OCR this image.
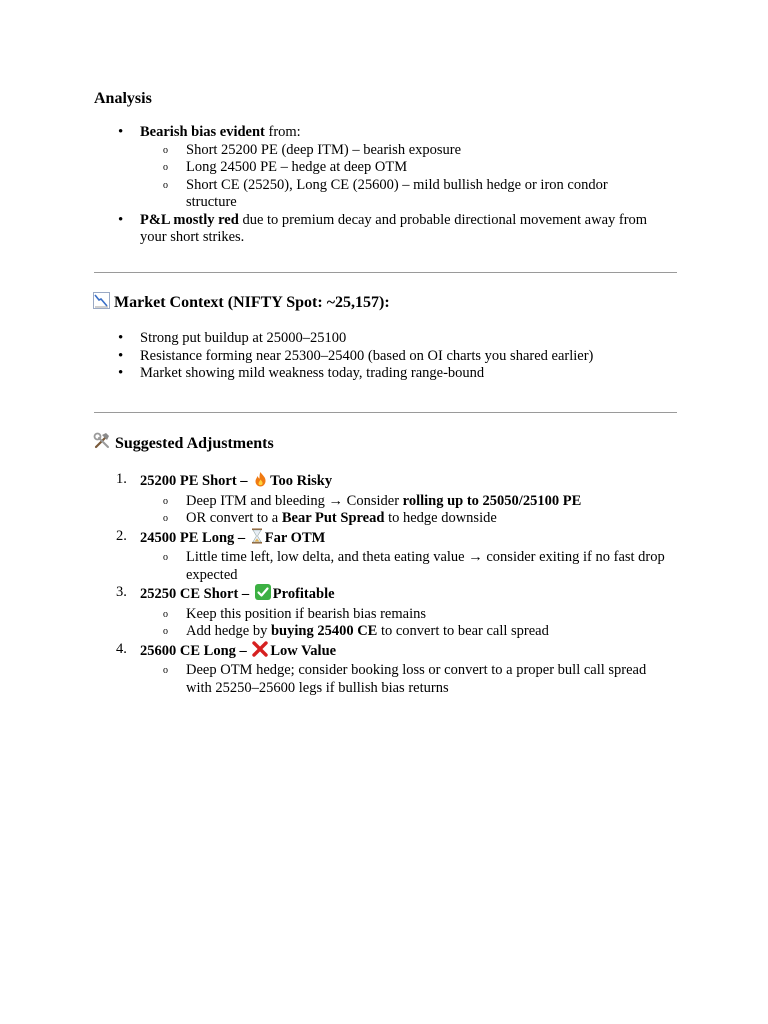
Analysis
•
Bearish bias evident from:
o Short 25200 PE (deep ITM) – bearish exposure
o Long 24500 PE – hedge at deep OTM
o Short CE (25250), Long CE (25600) – mild bullish hedge or iron condor structure
•
P&L mostly red due to premium decay and probable directional movement away from your short strikes.
Market Context (NIFTY Spot: ~25,157):
•
Strong put buildup at 25000–25100
•
Resistance forming near 25300–25400 (based on OI charts you shared earlier)
•
Market showing mild weakness today, trading range-bound
Suggested Adjustments
1. 25200 PE Short – Too Risky
o Deep ITM and bleeding → Consider rolling up to 25050/25100 PE
o OR convert to a Bear Put Spread to hedge downside
2. 24500 PE Long – Far OTM
o Little time left, low delta, and theta eating value → consider exiting if no fast drop expected
3. 25250 CE Short – Profitable
o Keep this position if bearish bias remains
o Add hedge by buying 25400 CE to convert to bear call spread
4. 25600 CE Long – Low Value
o Deep OTM hedge; consider booking loss or convert to a proper bull call spread with 25250–25600 legs if bullish bias returns
